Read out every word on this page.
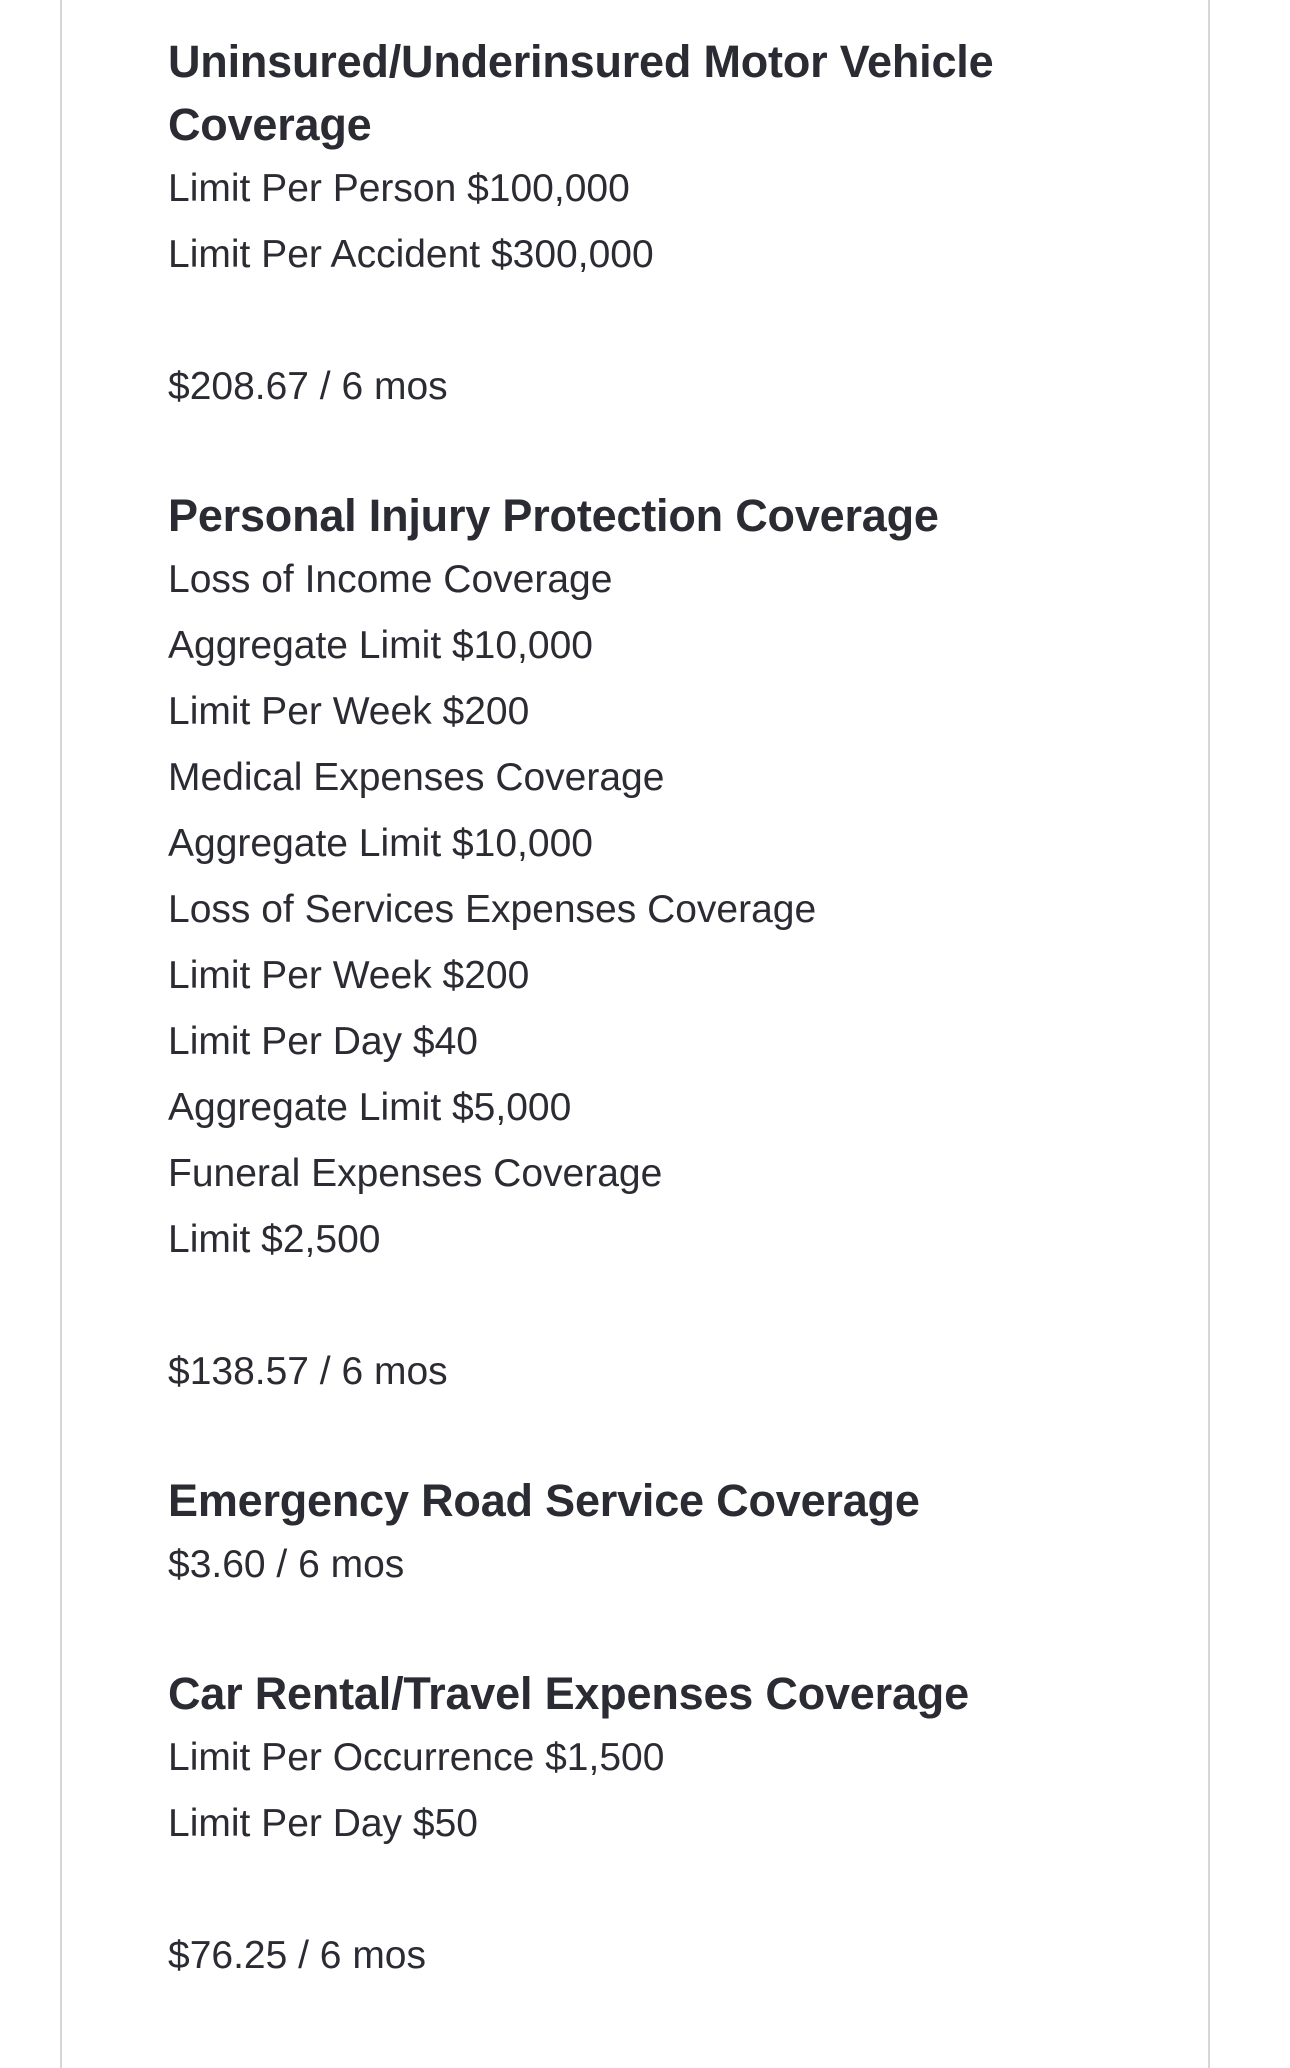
Uninsured/Underinsured Motor Vehicle Coverage
Limit Per Person $100,000
Limit Per Accident $300,000
$208.67 / 6 mos
Personal Injury Protection Coverage
Loss of Income Coverage
Aggregate Limit $10,000
Limit Per Week $200
Medical Expenses Coverage
Aggregate Limit $10,000
Loss of Services Expenses Coverage
Limit Per Week $200
Limit Per Day $40
Aggregate Limit $5,000
Funeral Expenses Coverage
Limit $2,500
$138.57 / 6 mos
Emergency Road Service Coverage
$3.60 / 6 mos
Car Rental/Travel Expenses Coverage
Limit Per Occurrence $1,500
Limit Per Day $50
$76.25 / 6 mos
